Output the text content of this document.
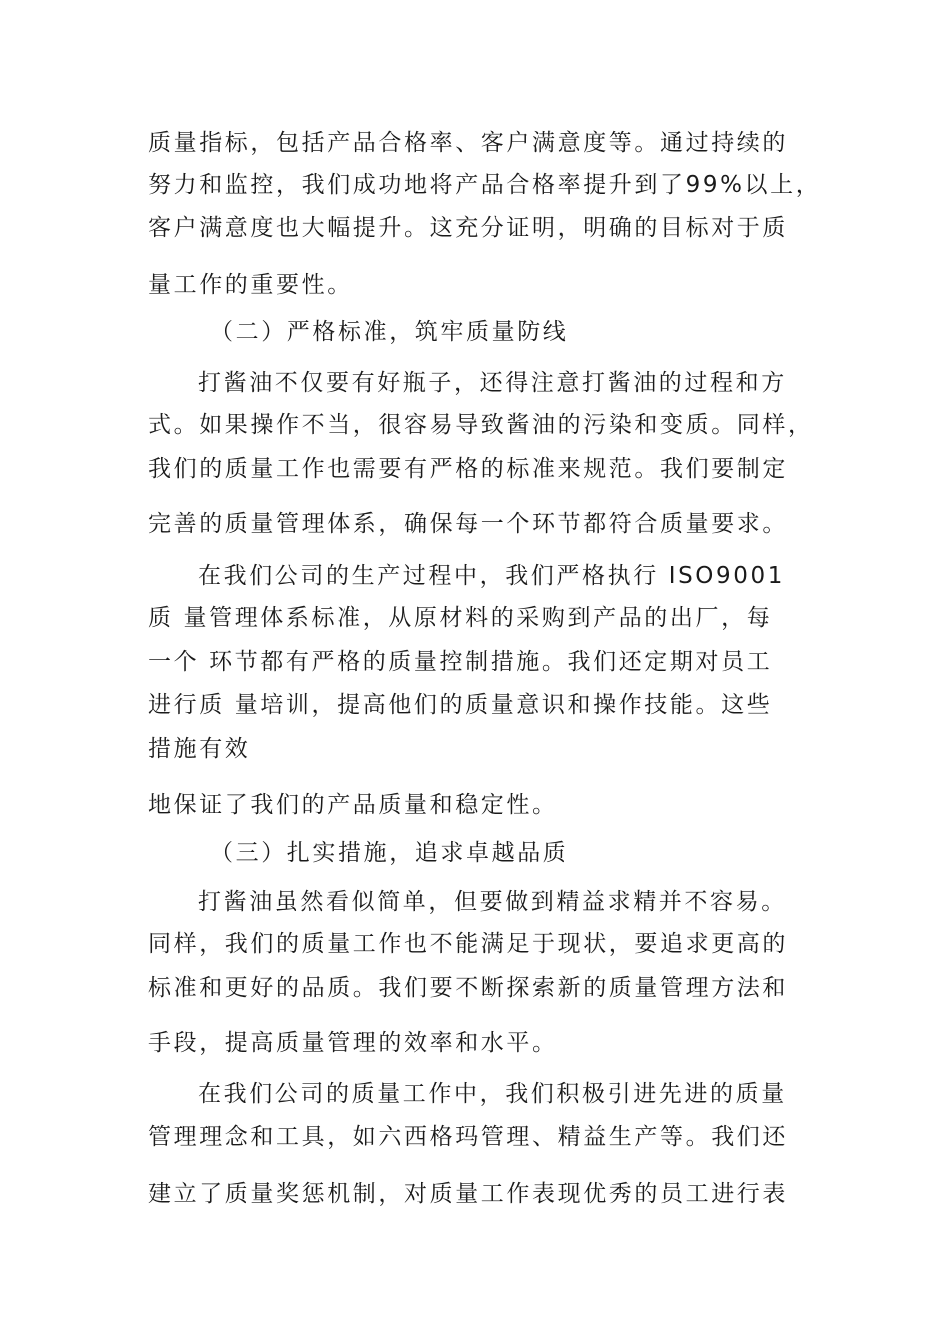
质量指标，包括产品合格率、客户满意度等。通过持续的
努力和监控，我们成功地将产品合格率提升到了99%以上，
客户满意度也大幅提升。这充分证明，明确的目标对于质
量工作的重要性。
（二）严格标准，筑牢质量防线
打酱油不仅要有好瓶子，还得注意打酱油的过程和方
式。如果操作不当，很容易导致酱油的污染和变质。同样，
我们的质量工作也需要有严格的标准来规范。我们要制定
完善的质量管理体系，确保每一个环节都符合质量要求。
在我们公司的生产过程中，我们严格执行 ISO9001
质 量管理体系标准，从原材料的采购到产品的出厂，每
一个 环节都有严格的质量控制措施。我们还定期对员工
进行质 量培训，提高他们的质量意识和操作技能。这些
措施有效
地保证了我们的产品质量和稳定性。
（三）扎实措施，追求卓越品质
打酱油虽然看似简单，但要做到精益求精并不容易。
同样，我们的质量工作也不能满足于现状，要追求更高的
标准和更好的品质。我们要不断探索新的质量管理方法和
手段，提高质量管理的效率和水平。
在我们公司的质量工作中，我们积极引进先进的质量
管理理念和工具，如六西格玛管理、精益生产等。我们还
建立了质量奖惩机制，对质量工作表现优秀的员工进行表
